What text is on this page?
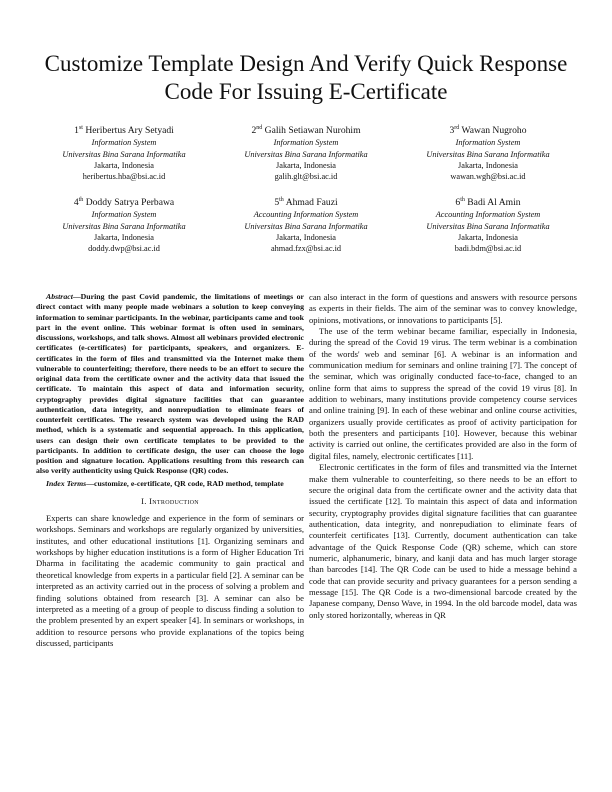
Customize Template Design And Verify Quick Response Code For Issuing E-Certificate
1st Heribertus Ary Setyadi
Information System
Universitas Bina Sarana Informatika
Jakarta, Indonesia
heribertus.hba@bsi.ac.id
2nd Galih Setiawan Nurohim
Information System
Universitas Bina Sarana Informatika
Jakarta, Indonesia
galih.glt@bsi.ac.id
3rd Wawan Nugroho
Information System
Universitas Bina Sarana Informatika
Jakarta, Indonesia
wawan.wgh@bsi.ac.id
4th Doddy Satrya Perbawa
Information System
Universitas Bina Sarana Informatika
Jakarta, Indonesia
doddy.dwp@bsi.ac.id
5th Ahmad Fauzi
Accounting Information System
Universitas Bina Sarana Informatika
Jakarta, Indonesia
ahmad.fzx@bsi.ac.id
6th Badi Al Amin
Accounting Information System
Universitas Bina Sarana Informatika
Jakarta, Indonesia
badi.bdm@bsi.ac.id

Abstract—During the past Covid pandemic, the limitations of meetings or direct contact with many people made webinars a solution to keep conveying information to seminar participants. In the webinar, participants came and took part in the event online. This webinar format is often used in seminars, discussions, workshops, and talk shows. Almost all webinars provided electronic certificates (e-certificates) for participants, speakers, and organizers. E-certificates in the form of files and transmitted via the Internet make them vulnerable to counterfeiting; therefore, there needs to be an effort to secure the original data from the certificate owner and the activity data that issued the certificate. To maintain this aspect of data and information security, cryptography provides digital signature facilities that can guarantee authentication, data integrity, and nonrepudiation to eliminate fears of counterfeit certificates. The research system was developed using the RAD method, which is a systematic and sequential approach. In this application, users can design their own certificate templates to be provided to the participants. In addition to certificate design, the user can choose the logo position and signature location. Applications resulting from this research can also verify authenticity using Quick Response (QR) codes.

Index Terms—customize, e-certificate, QR code, RAD method, template

I. Introduction

Experts can share knowledge and experience in the form of seminars or workshops. Seminars and workshops are regularly organized by universities, institutes, and other educational institutions [1]. Organizing seminars and workshops by higher education institutions is a form of Higher Education Tri Dharma in facilitating the academic community to gain practical and theoretical knowledge from experts in a particular field [2]. A seminar can be interpreted as an activity carried out in the process of solving a problem and finding solutions obtained from research [3]. A seminar can also be interpreted as a meeting of a group of people to discuss finding a solution to the problem presented by an expert speaker [4]. In seminars or workshops, in addition to resource persons who provide explanations of the topics being discussed, participants

can also interact in the form of questions and answers with resource persons as experts in their fields. The aim of the seminar was to convey knowledge, opinions, motivations, or innovations to participants [5].

The use of the term webinar became familiar, especially in Indonesia, during the spread of the Covid 19 virus. The term webinar is a combination of the words' web and seminar [6]. A webinar is an information and communication medium for seminars and online training [7]. The concept of the seminar, which was originally conducted face-to-face, changed to an online form that aims to suppress the spread of the covid 19 virus [8]. In addition to webinars, many institutions provide competency course services and online training [9]. In each of these webinar and online course activities, organizers usually provide certificates as proof of activity participation for both the presenters and participants [10]. However, because this webinar activity is carried out online, the certificates provided are also in the form of digital files, namely, electronic certificates [11].

Electronic certificates in the form of files and transmitted via the Internet make them vulnerable to counterfeiting, so there needs to be an effort to secure the original data from the certificate owner and the activity data that issued the certificate [12]. To maintain this aspect of data and information security, cryptography provides digital signature facilities that can guarantee authentication, data integrity, and nonrepudiation to eliminate fears of counterfeit certificates [13]. Currently, document authentication can take advantage of the Quick Response Code (QR) scheme, which can store numeric, alphanumeric, binary, and kanji data and has much larger storage than barcodes [14]. The QR Code can be used to hide a message behind a code that can provide security and privacy guarantees for a person sending a message [15]. The QR Code is a two-dimensional barcode created by the Japanese company, Denso Wave, in 1994. In the old barcode model, data was only stored horizontally, whereas in QR
